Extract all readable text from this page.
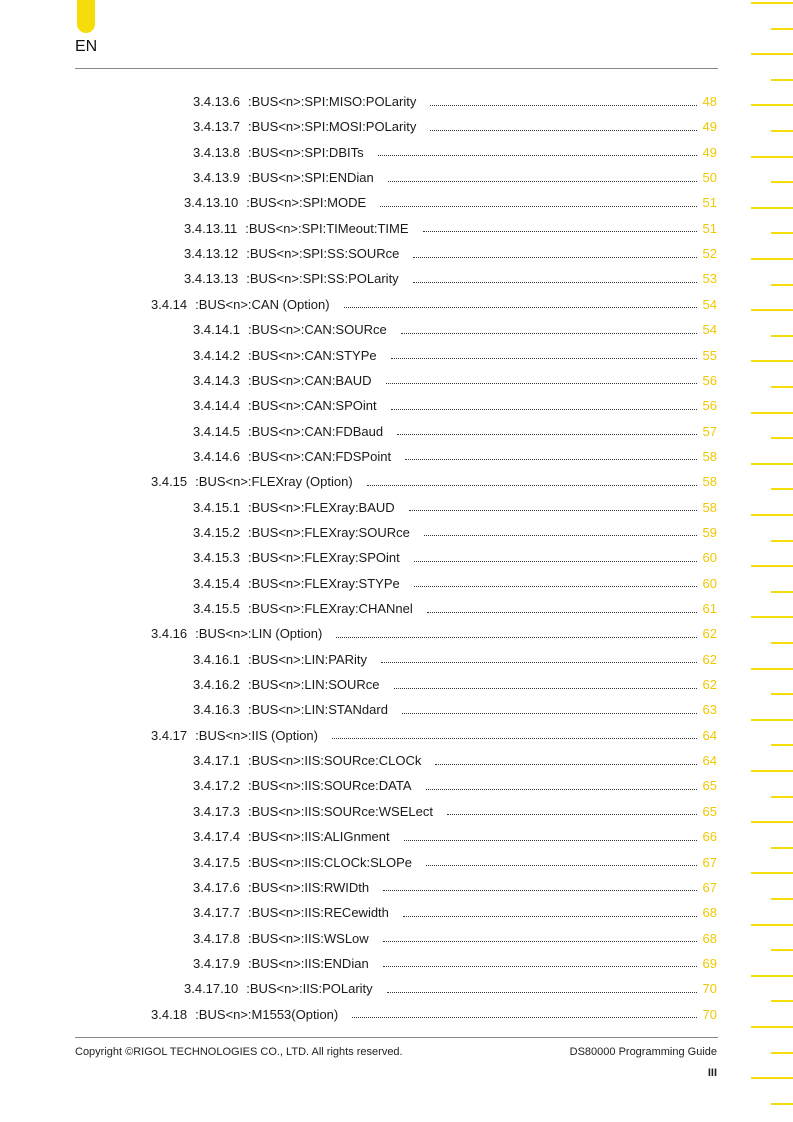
EN
3.4.13.6 :BUS<n>:SPI:MISO:POLarity	48
3.4.13.7 :BUS<n>:SPI:MOSI:POLarity	49
3.4.13.8 :BUS<n>:SPI:DBITs	49
3.4.13.9 :BUS<n>:SPI:ENDian	50
3.4.13.10 :BUS<n>:SPI:MODE	51
3.4.13.11 :BUS<n>:SPI:TIMeout:TIME	51
3.4.13.12 :BUS<n>:SPI:SS:SOURce	52
3.4.13.13 :BUS<n>:SPI:SS:POLarity	53
3.4.14 :BUS<n>:CAN (Option)	54
3.4.14.1 :BUS<n>:CAN:SOURce	54
3.4.14.2 :BUS<n>:CAN:STYPe	55
3.4.14.3 :BUS<n>:CAN:BAUD	56
3.4.14.4 :BUS<n>:CAN:SPOint	56
3.4.14.5 :BUS<n>:CAN:FDBaud	57
3.4.14.6 :BUS<n>:CAN:FDSPoint	58
3.4.15 :BUS<n>:FLEXray (Option)	58
3.4.15.1 :BUS<n>:FLEXray:BAUD	58
3.4.15.2 :BUS<n>:FLEXray:SOURce	59
3.4.15.3 :BUS<n>:FLEXray:SPOint	60
3.4.15.4 :BUS<n>:FLEXray:STYPe	60
3.4.15.5 :BUS<n>:FLEXray:CHANnel	61
3.4.16 :BUS<n>:LIN (Option)	62
3.4.16.1 :BUS<n>:LIN:PARity	62
3.4.16.2 :BUS<n>:LIN:SOURce	62
3.4.16.3 :BUS<n>:LIN:STANdard	63
3.4.17 :BUS<n>:IIS (Option)	64
3.4.17.1 :BUS<n>:IIS:SOURce:CLOCk	64
3.4.17.2 :BUS<n>:IIS:SOURce:DATA	65
3.4.17.3 :BUS<n>:IIS:SOURce:WSELect	65
3.4.17.4 :BUS<n>:IIS:ALIGnment	66
3.4.17.5 :BUS<n>:IIS:CLOCk:SLOPe	67
3.4.17.6 :BUS<n>:IIS:RWIDth	67
3.4.17.7 :BUS<n>:IIS:RECewidth	68
3.4.17.8 :BUS<n>:IIS:WSLow	68
3.4.17.9 :BUS<n>:IIS:ENDian	69
3.4.17.10 :BUS<n>:IIS:POLarity	70
3.4.18 :BUS<n>:M1553(Option)	70
Copyright ©RIGOL TECHNOLOGIES CO., LTD. All rights reserved.	DS80000 Programming Guide
III
